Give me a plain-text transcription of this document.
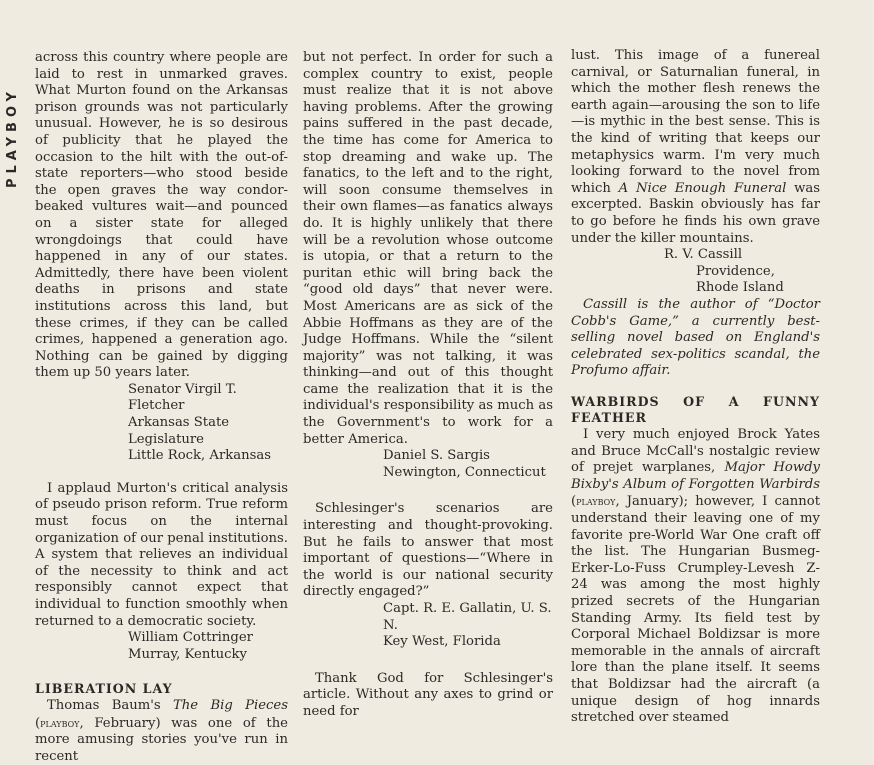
PLAYBOY

across this country where people are laid to rest in unmarked graves. What Murton found on the Arkansas prison grounds was not particularly unusual. However, he is so desirous of publicity that he played the occasion to the hilt with the out-of-state reporters—who stood beside the open graves the way condor-beaked vultures wait—and pounced on a sister state for alleged wrongdoings that could have happened in any of our states. Admittedly, there have been violent deaths in prisons and state institutions across this land, but these crimes, if they can be called crimes, happened a generation ago. Nothing can be gained by digging them up 50 years later.

Senator Virgil T. Fletcher
Arkansas State Legislature
Little Rock, Arkansas

I applaud Murton's critical analysis of pseudo prison reform. True reform must focus on the internal organization of our penal institutions. A system that relieves an individual of the necessity to think and act responsibly cannot expect that individual to function smoothly when returned to a democratic society.

William Cottringer
Murray, Kentucky

LIBERATION LAY

Thomas Baum's The Big Pieces (playboy, February) was one of the more amusing stories you've run in recent

but not perfect. In order for such a complex country to exist, people must realize that it is not above having problems. After the growing pains suffered in the past decade, the time has come for America to stop dreaming and wake up. The fanatics, to the left and to the right, will soon consume themselves in their own flames—as fanatics always do. It is highly unlikely that there will be a revolution whose outcome is utopia, or that a return to the puritan ethic will bring back the “good old days” that never were. Most Americans are as sick of the Abbie Hoffmans as they are of the Judge Hoffmans. While the “silent majority” was not talking, it was thinking—and out of this thought came the realization that it is the individual's responsibility as much as the Government's to work for a better America.

Daniel S. Sargis
Newington, Connecticut

Schlesinger's scenarios are interesting and thought-provoking. But he fails to answer that most important of questions—“Where in the world is our national security directly engaged?”

Capt. R. E. Gallatin, U. S. N.
Key West, Florida

Thank God for Schlesinger's article. Without any axes to grind or need for

lust. This image of a funereal carnival, or Saturnalian funeral, in which the mother flesh renews the earth again—arousing the son to life—is mythic in the best sense. This is the kind of writing that keeps our metaphysics warm. I'm very much looking forward to the novel from which A Nice Enough Funeral was excerpted. Baskin obviously has far to go before he finds his own grave under the killer mountains.

R. V. Cassill
Providence, Rhode Island

Cassill is the author of “Doctor Cobb's Game,” a currently best-selling novel based on England's celebrated sex-politics scandal, the Profumo affair.

WARBIRDS OF A FUNNY FEATHER

I very much enjoyed Brock Yates and Bruce McCall's nostalgic review of prejet warplanes, Major Howdy Bixby's Album of Forgotten Warbirds (playboy, January); however, I cannot understand their leaving one of my favorite pre-World War One craft off the list. The Hungarian Busmeg-Erker-Lo-Fuss Crumpley-Levesh Z-24 was among the most highly prized secrets of the Hungarian Standing Army. Its field test by Corporal Michael Boldizsar is more memorable in the annals of aircraft lore than the plane itself. It seems that Boldizsar had the aircraft (a unique design of hog innards stretched over steamed
